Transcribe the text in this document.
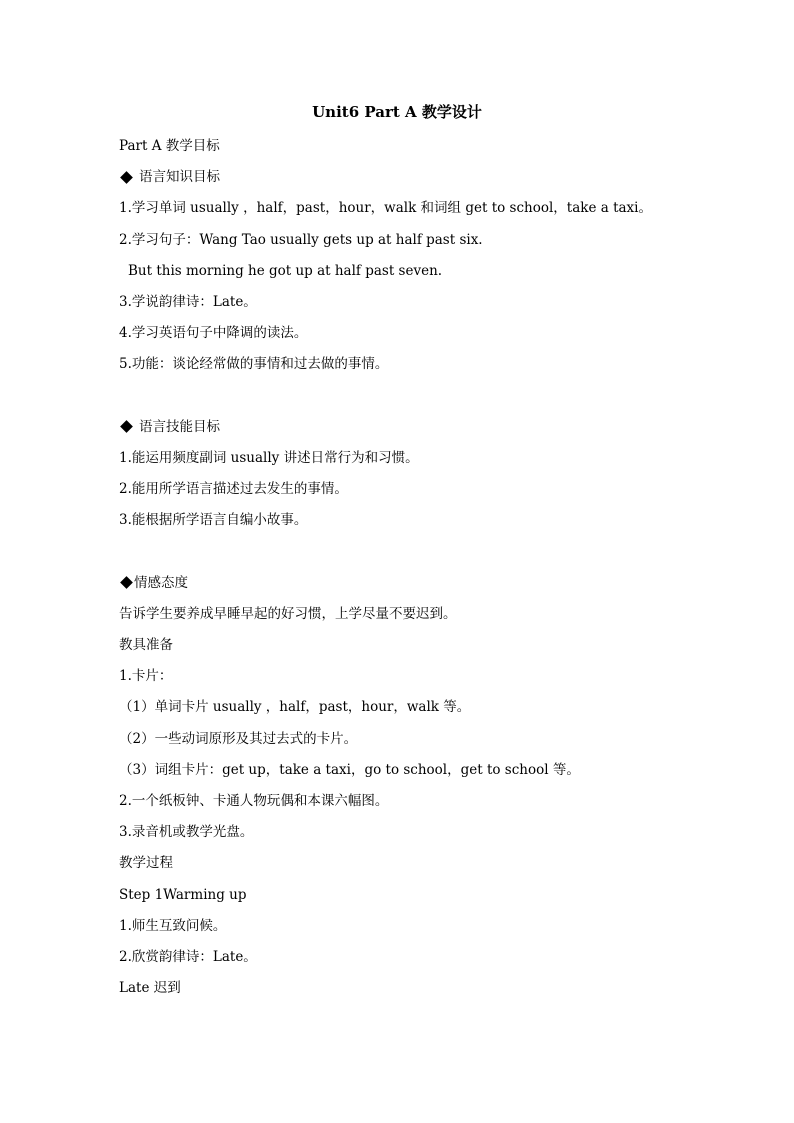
Unit6 Part A 教学设计
Part A 教学目标
语言知识目标
1.学习单词 usually ，half，past，hour，walk 和词组 get to school，take a taxi。
2.学习句子：Wang Tao usually gets up at half past six.
But this morning he got up at half past seven.
3.学说韵律诗：Late。
4.学习英语句子中降调的读法。
5.功能：谈论经常做的事情和过去做的事情。
语言技能目标
1.能运用频度副词 usually 讲述日常行为和习惯。
2.能用所学语言描述过去发生的事情。
3.能根据所学语言自编小故事。
情感态度
告诉学生要养成早睡早起的好习惯，上学尽量不要迟到。
教具准备
1.卡片：
（1）单词卡片 usually ，half，past，hour，walk 等。
（2）一些动词原形及其过去式的卡片。
（3）词组卡片：get up，take a taxi，go to school，get to school 等。
2.一个纸板钟、卡通人物玩偶和本课六幅图。
3.录音机或教学光盘。
教学过程
Step 1Warming up
1.师生互致问候。
2.欣赏韵律诗：Late。
Late 迟到
